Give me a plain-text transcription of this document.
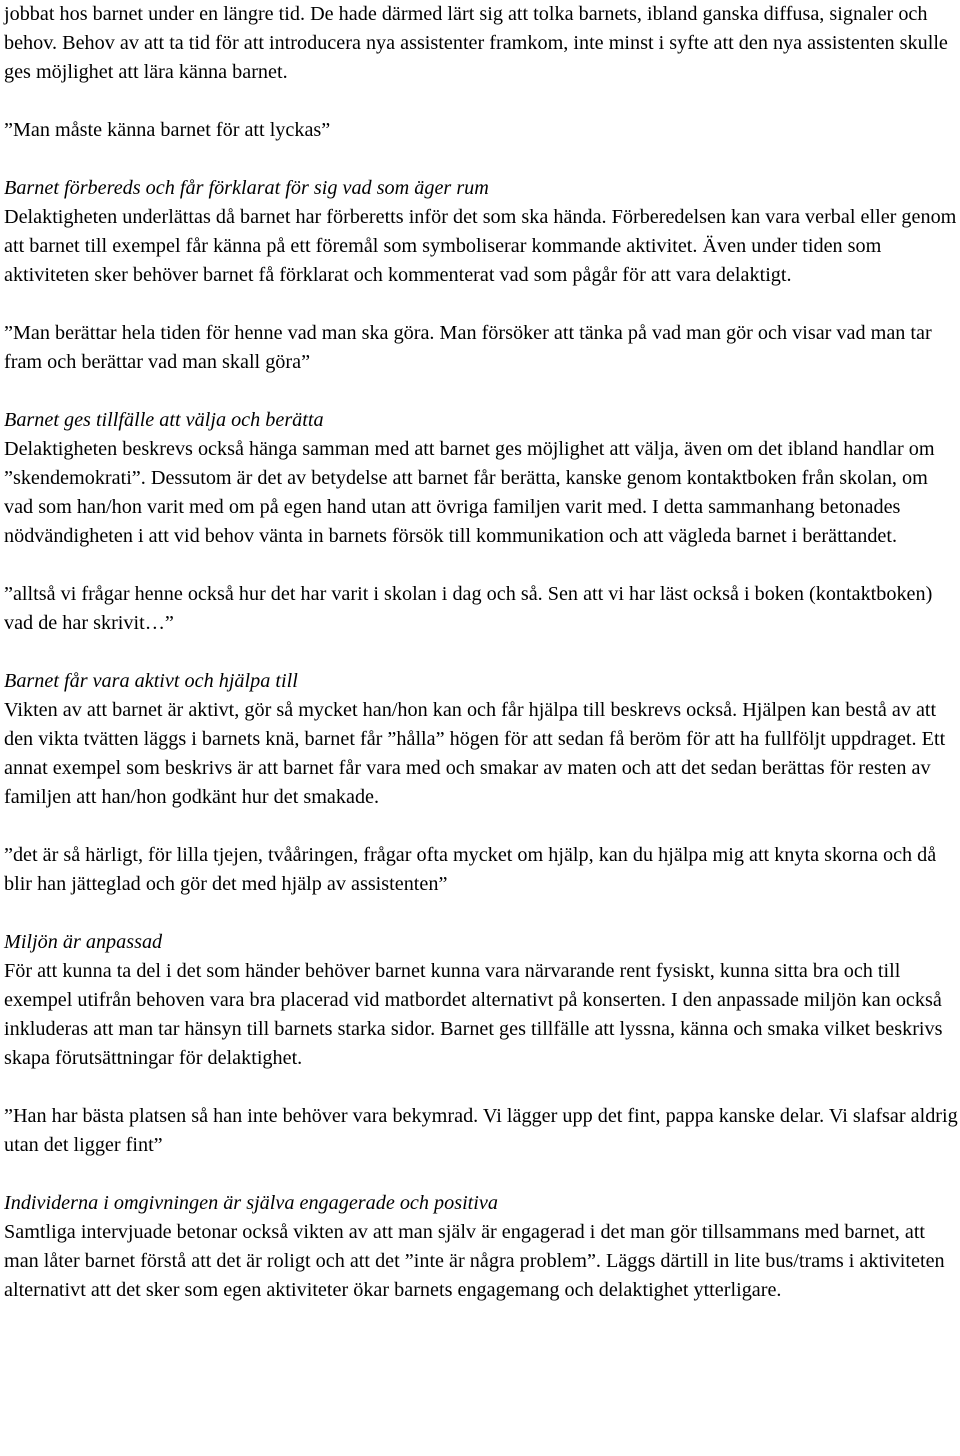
jobbat hos barnet under en längre tid. De hade därmed lärt sig att tolka barnets, ibland ganska diffusa, signaler och behov. Behov av att ta tid för att introducera nya assistenter framkom, inte minst i syfte att den nya assistenten skulle ges möjlighet att lära känna barnet.

”Man måste känna barnet för att lyckas”

Barnet förbereds och får förklarat för sig vad som äger rum

Delaktigheten underlättas då barnet har förberetts inför det som ska hända. Förberedelsen kan vara verbal eller genom att barnet till exempel får känna på ett föremål som symboliserar kommande aktivitet. Även under tiden som aktiviteten sker behöver barnet få förklarat och kommenterat vad som pågår för att vara delaktigt.

”Man berättar hela tiden för henne vad man ska göra. Man försöker att tänka på vad man gör och visar vad man tar fram och berättar vad man skall göra”

Barnet ges tillfälle att välja och berätta

Delaktigheten beskrevs också hänga samman med att barnet ges möjlighet att välja, även om det ibland handlar om ”skendemokrati”. Dessutom är det av betydelse att barnet får berätta, kanske genom kontaktboken från skolan, om vad som han/hon varit med om på egen hand utan att övriga familjen varit med. I detta sammanhang betonades nödvändigheten i att vid behov vänta in barnets försök till kommunikation och att vägleda barnet i berättandet.

”alltså vi frågar henne också hur det har varit i skolan i dag och så. Sen att vi har läst också i boken (kontaktboken) vad de har skrivit…”

Barnet får vara aktivt och hjälpa till

Vikten av att barnet är aktivt, gör så mycket han/hon kan och får hjälpa till beskrevs också. Hjälpen kan bestå av att den vikta tvätten läggs i barnets knä, barnet får ”hålla” högen för att sedan få beröm för att ha fullföljt uppdraget. Ett annat exempel som beskrivs är att barnet får vara med och smakar av maten och att det sedan berättas för resten av familjen att han/hon godkänt hur det smakade.

”det är så härligt, för lilla tjejen, tvååringen, frågar ofta mycket om hjälp, kan du hjälpa mig att knyta skorna och då blir han jätteglad och gör det med hjälp av assistenten”

Miljön är anpassad

För att kunna ta del i det som händer behöver barnet kunna vara närvarande rent fysiskt, kunna sitta bra och till exempel utifrån behoven vara bra placerad vid matbordet alternativt på konserten. I den anpassade miljön kan också inkluderas att man tar hänsyn till barnets starka sidor. Barnet ges tillfälle att lyssna, känna och smaka vilket beskrivs skapa förutsättningar för delaktighet.

”Han har bästa platsen så han inte behöver vara bekymrad. Vi lägger upp det fint, pappa kanske delar. Vi slafsar aldrig utan det ligger fint”

Individerna i omgivningen är själva engagerade och positiva

Samtliga intervjuade betonar också vikten av att man själv är engagerad i det man gör tillsammans med barnet, att man låter barnet förstå att det är roligt och att det ”inte är några problem”. Läggs därtill in lite bus/trams i aktiviteten alternativt att det sker som egen aktiviteter ökar barnets engagemang och delaktighet ytterligare.
